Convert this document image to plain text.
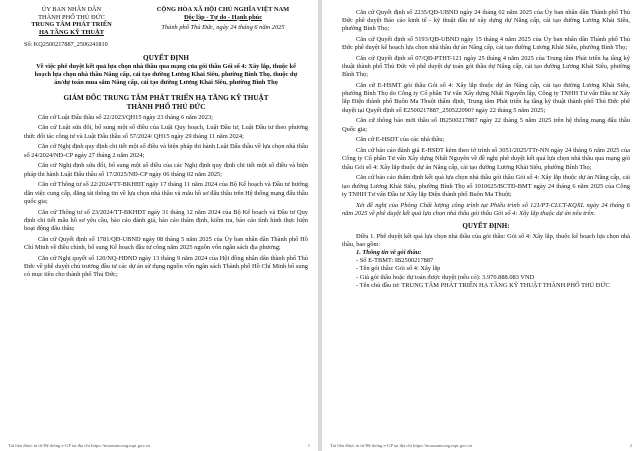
ỦY BAN NHÂN DÂN

THÀNH PHỐ THỦ ĐỨC

TRUNG TÂM PHÁT TRIỂN

HẠ TẦNG KỸ THUẬT

CỘNG HÒA XÃ HỘI CHỦ NGHĨA VIỆT NAM

Độc lập - Tự do - Hạnh phúc

Thành phố Thủ Đức, ngày 24 tháng 6 năm 2025

Số: KQ2500217887_2506241810

QUYẾT ĐỊNH

Về việc phê duyệt kết quả lựa chọn nhà thầu qua mạng của gói thầu Gói số 4: Xây lắp, thuộc kế hoạch lựa chọn nhà thầu Nâng cấp, cải tạo đường Lương Khải Siêu, phường Bình Thọ, thuộc dự án/dự toán mua sắm Nâng cấp, cải tạo đường Lương Khải Siêu, phường Bình Thọ

GIÁM ĐỐC TRUNG TÂM PHÁT TRIỂN HẠ TẦNG KỸ THUẬT

THÀNH PHỐ THỦ ĐỨC

Căn cứ Luật Đấu thầu số 22/2023/QH15 ngày 23 tháng 6 năm 2023;

Căn cứ Luật sửa đổi, bổ sung một số điều của Luật Quy hoạch, Luật Đầu tư, Luật Đầu tư theo phương thức đối tác công tư và Luật Đấu thầu số 57/2024/ QH15 ngày 29 tháng 11 năm 2024;

Căn cứ Nghị định quy định chi tiết một số điều và biện pháp thi hành Luật Đấu thầu về lựa chọn nhà thầu số 24/2024/NĐ-CP ngày 27 tháng 2 năm 2024;

Căn cứ Nghị định sửa đổi, bổ sung một số điều của các Nghị định quy định chi tiết một số điều và biện pháp thi hành Luật Đấu thầu số 17/2025/NĐ-CP ngày 06 tháng 02 năm 2025;

Căn cứ Thông tư số 22/2024/TT-BKHĐT ngày 17 tháng 11 năm 2024 của Bộ Kế hoạch và Đầu tư hướng dẫn việc cung cấp, đăng tải thông tin về lựa chọn nhà thầu và mẫu hồ sơ đấu thầu trên Hệ thống mạng đấu thầu quốc gia;

Căn cứ Thông tư số 23/2024/TT-BKHĐT ngày 31 tháng 12 năm 2024 của Bộ Kế hoạch và Đầu tư Quy định chi tiết mẫu hồ sơ yêu cầu, báo cáo đánh giá, báo cáo thẩm định, kiểm tra, báo cáo tình hình thực hiện hoạt động đấu thầu;

Căn cứ Quyết định số 1781/QĐ-UBND ngày 08 tháng 5 năm 2025 của Ủy ban nhân dân Thành phố Hồ Chí Minh về điều chỉnh, bổ sung Kế hoạch đầu tư công năm 2025 nguồn vốn ngân sách địa phương;

Căn cứ Nghị quyết số 120/NQ-HĐND ngày 13 tháng 9 năm 2024 của Hội đồng nhân dân thành phố Thủ Đức về phê duyệt chủ trương đầu tư các dự án sử dụng nguồn vốn ngân sách Thành phố Hồ Chí Minh bổ sung có mục tiêu cho thành phố Thủ Đức;

Tải liệu được in từ Hệ thống e-GP tại địa chỉ https://muasamcong.mpi.gov.vn	1

Căn cứ Quyết định số 2235/QĐ-UBND ngày 24 tháng 02 năm 2025 của Ủy ban nhân dân Thành phố Thủ Đức phê duyệt Báo cáo kinh tế - kỹ thuật đầu tư xây dựng dự Nâng cấp, cải tạo đường Lương Khải Siêu, phường Bình Thọ;

Căn cứ Quyết định số 5193/QĐ-UBND ngày 15 tháng 4 năm 2025 của Ủy ban nhân dân Thành phố Thủ Đức phê duyệt kế hoạch lựa chọn nhà thầu dự án Nâng cấp, cải tạo đường Lương Khải Siêu, phường Bình Thọ;

Căn cứ Quyết định số 07/QĐ-PTHT-121 ngày 25 tháng 4 năm 2025 của Trung tâm Phát triển hạ tầng kỹ thuật thành phố Thủ Đức về phê duyệt dự toán gói thầu dự Nâng cấp, cải tạo đường Lương Khải Siêu, phường Bình Thọ;

Căn cứ E-HSMT gói thầu Gói số 4: Xây lắp thuộc dự án Nâng cấp, cải tạo đường Lương Khải Siêu, phường Bình Thọ do Công ty Cổ phần Tư vấn Xây dựng Nhất Nguyên lập, Công ty TNHH Tư vấn Đầu tư Xây lắp Điện thành phố Buôn Ma Thuột thẩm định, Trung tâm Phát triển hạ tầng kỹ thuật thành phố Thủ Đức phê duyệt tại Quyết định số E2500217887_250522090? ngày 22 tháng 5 năm 2025;

Căn cứ thông báo mời thầu số IB2500217887 ngày 22 tháng 5 năm 2025 trên hệ thống mạng đấu thầu Quốc gia;

Căn cứ E-HSDT của các nhà thầu;

Căn cứ báo cáo đánh giá E-HSDT kèm theo tờ trình số 3051/2025/TTr-NN ngày 24 tháng 6 năm 2025 của Công ty Cổ phần Tư vấn Xây dựng Nhất Nguyên về đề nghị phê duyệt kết quả lựa chọn nhà thầu qua mạng gói thầu Gói số 4: Xây lắp thuộc dự án Nâng cấp, cải tạo đường Lương Khải Siêu, phường Bình Thọ;

Căn cứ báo cáo thẩm định kết quả lựa chọn nhà thầu gói thầu Gói số 4: Xây lắp thuộc dự án Nâng cấp, cải tạo đường Lương Khải Siêu, phường Bình Thọ số 1010625/BCTĐ-BMT ngày 24 tháng 6 năm 2025 của Công ty TNHH Tư vấn Đầu tư Xây lắp Điện thành phố Buôn Ma Thuột;

Xét đề nghị của Phòng Chất lượng công trình tại Phiếu trình số 121/PT-CLCT-KQXL ngày 24 tháng 6 năm 2025 về phê duyệt kết quả lựa chọn nhà thầu gói thầu Gói số 4: Xây lắp thuộc dự án nêu trên.

QUYẾT ĐỊNH:

Điều 1. Phê duyệt kết quả lựa chọn nhà thầu của gói thầu: Gói số 4: Xây lắp, thuộc kế hoạch lựa chọn nhà thầu, bao gồm:

1. Thông tin về gói thầu:

- Số E-TBMT: IB2500217887

- Tên gói thầu: Gói số 4: Xây lắp

- Giá gói thầu hoặc dự toán được duyệt (nếu có): 3.970.888.083 VND

- Tên chủ đầu tư: TRUNG TÂM PHÁT TRIỂN HẠ TẦNG KỸ THUẬT THÀNH PHỐ THỦ ĐỨC

Tải liệu được in từ Hệ thống e-GP tại địa chỉ https://muasamcong.mpi.gov.vn	2
